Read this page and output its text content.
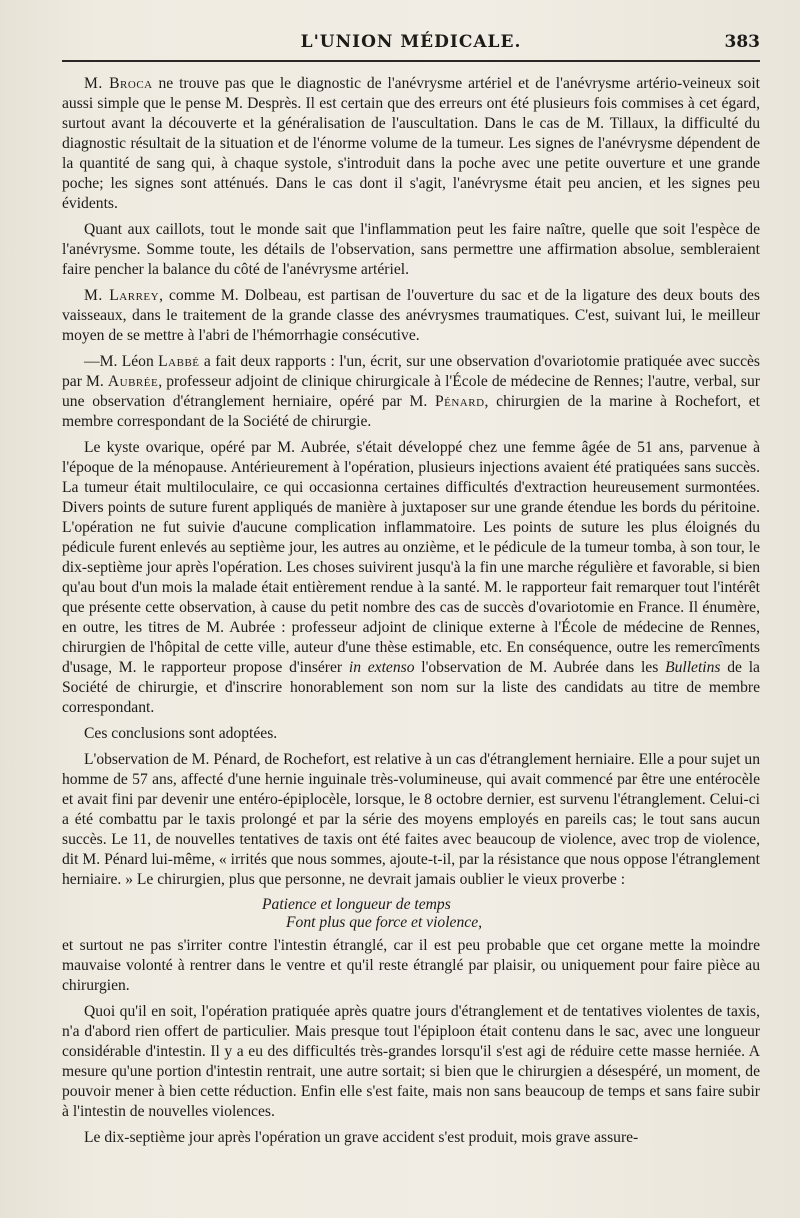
L'UNION MÉDICALE.	383

M. Broca ne trouve pas que le diagnostic de l'anévrysme artériel et de l'anévrysme artério-veineux soit aussi simple que le pense M. Desprès. Il est certain que des erreurs ont été plusieurs fois commises à cet égard, surtout avant la découverte et la généralisation de l'auscultation. Dans le cas de M. Tillaux, la difficulté du diagnostic résultait de la situation et de l'énorme volume de la tumeur. Les signes de l'anévrysme dépendent de la quantité de sang qui, à chaque systole, s'introduit dans la poche avec une petite ouverture et une grande poche; les signes sont atténués. Dans le cas dont il s'agit, l'anévrysme était peu ancien, et les signes peu évidents.

Quant aux caillots, tout le monde sait que l'inflammation peut les faire naître, quelle que soit l'espèce de l'anévrysme. Somme toute, les détails de l'observation, sans permettre une affirmation absolue, sembleraient faire pencher la balance du côté de l'anévrysme artériel.

M. Larrey, comme M. Dolbeau, est partisan de l'ouverture du sac et de la ligature des deux bouts des vaisseaux, dans le traitement de la grande classe des anévrysmes traumatiques. C'est, suivant lui, le meilleur moyen de se mettre à l'abri de l'hémorrhagie consécutive.

—M. Léon Labbé a fait deux rapports : l'un, écrit, sur une observation d'ovariotomie pratiquée avec succès par M. Aubrée, professeur adjoint de clinique chirurgicale à l'École de médecine de Rennes; l'autre, verbal, sur une observation d'étranglement herniaire, opéré par M. Pénard, chirurgien de la marine à Rochefort, et membre correspondant de la Société de chirurgie.

Le kyste ovarique, opéré par M. Aubrée, s'était développé chez une femme âgée de 51 ans, parvenue à l'époque de la ménopause. Antérieurement à l'opération, plusieurs injections avaient été pratiquées sans succès. La tumeur était multiloculaire, ce qui occasionna certaines difficultés d'extraction heureusement surmontées. Divers points de suture furent appliqués de manière à juxtaposer sur une grande étendue les bords du péritoine. L'opération ne fut suivie d'aucune complication inflammatoire. Les points de suture les plus éloignés du pédicule furent enlevés au septième jour, les autres au onzième, et le pédicule de la tumeur tomba, à son tour, le dix-septième jour après l'opération. Les choses suivirent jusqu'à la fin une marche régulière et favorable, si bien qu'au bout d'un mois la malade était entièrement rendue à la santé. M. le rapporteur fait remarquer tout l'intérêt que présente cette observation, à cause du petit nombre des cas de succès d'ovariotomie en France. Il énumère, en outre, les titres de M. Aubrée : professeur adjoint de clinique externe à l'École de médecine de Rennes, chirurgien de l'hôpital de cette ville, auteur d'une thèse estimable, etc. En conséquence, outre les remercîments d'usage, M. le rapporteur propose d'insérer in extenso l'observation de M. Aubrée dans les Bulletins de la Société de chirurgie, et d'inscrire honorablement son nom sur la liste des candidats au titre de membre correspondant.

Ces conclusions sont adoptées.

L'observation de M. Pénard, de Rochefort, est relative à un cas d'étranglement herniaire. Elle a pour sujet un homme de 57 ans, affecté d'une hernie inguinale très-volumineuse, qui avait commencé par être une entérocèle et avait fini par devenir une entéro-épiplocèle, lorsque, le 8 octobre dernier, est survenu l'étranglement. Celui-ci a été combattu par le taxis prolongé et par la série des moyens employés en pareils cas; le tout sans aucun succès. Le 11, de nouvelles tentatives de taxis ont été faites avec beaucoup de violence, avec trop de violence, dit M. Pénard lui-même, « irrités que nous sommes, ajoute-t-il, par la résistance que nous oppose l'étranglement herniaire. » Le chirurgien, plus que personne, ne devrait jamais oublier le vieux proverbe :

Patience et longueur de temps
Font plus que force et violence,

et surtout ne pas s'irriter contre l'intestin étranglé, car il est peu probable que cet organe mette la moindre mauvaise volonté à rentrer dans le ventre et qu'il reste étranglé par plaisir, ou uniquement pour faire pièce au chirurgien.

Quoi qu'il en soit, l'opération pratiquée après quatre jours d'étranglement et de tentatives violentes de taxis, n'a d'abord rien offert de particulier. Mais presque tout l'épiploon était contenu dans le sac, avec une longueur considérable d'intestin. Il y a eu des difficultés très-grandes lorsqu'il s'est agi de réduire cette masse herniée. A mesure qu'une portion d'intestin rentrait, une autre sortait; si bien que le chirurgien a désespéré, un moment, de pouvoir mener à bien cette réduction. Enfin elle s'est faite, mais non sans beaucoup de temps et sans faire subir à l'intestin de nouvelles violences.

Le dix-septième jour après l'opération un grave accident s'est produit, mois grave assure-
